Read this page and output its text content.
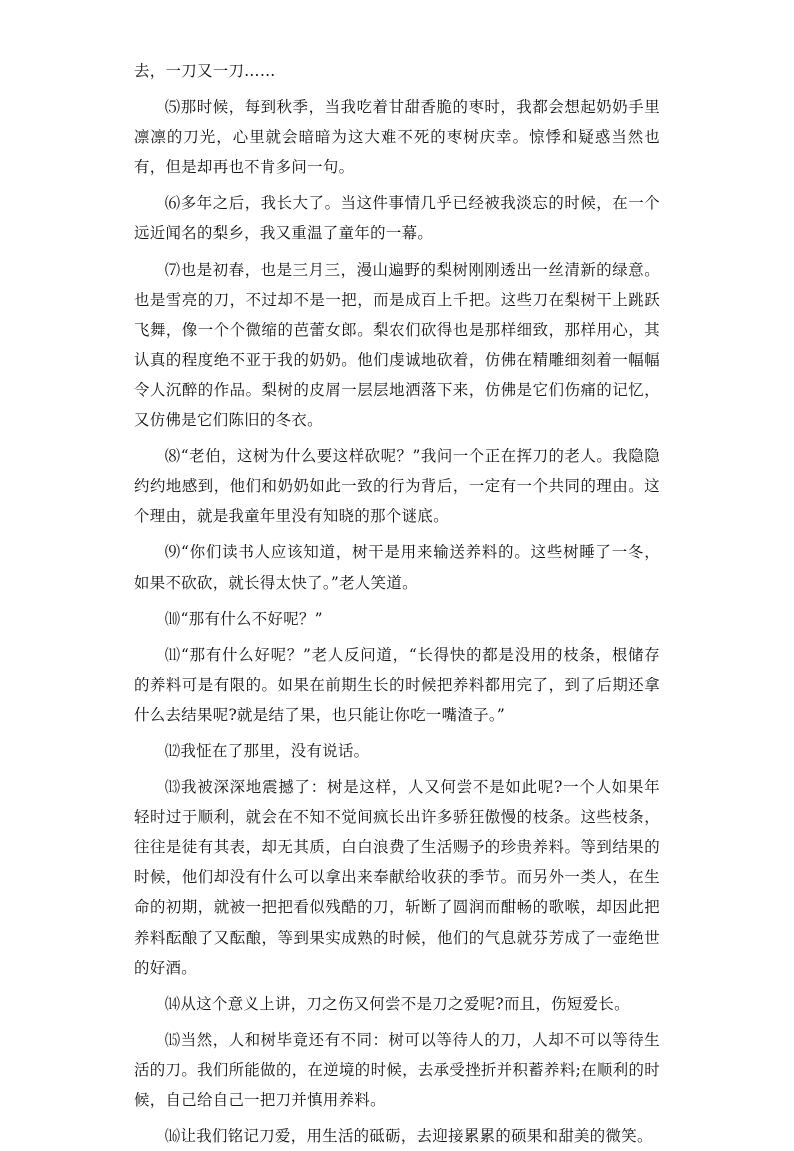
去，一刀又一刀……

⑸那时候，每到秋季，当我吃着甘甜香脆的枣时，我都会想起奶奶手里凛凛的刀光，心里就会暗暗为这大难不死的枣树庆幸。惊悸和疑惑当然也有，但是却再也不肯多问一句。

⑹多年之后，我长大了。当这件事情几乎已经被我淡忘的时候，在一个远近闻名的梨乡，我又重温了童年的一幕。

⑺也是初春，也是三月三，漫山遍野的梨树刚刚透出一丝清新的绿意。也是雪亮的刀，不过却不是一把，而是成百上千把。这些刀在梨树干上跳跃飞舞，像一个个微缩的芭蕾女郎。梨农们砍得也是那样细致，那样用心，其认真的程度绝不亚于我的奶奶。他们虔诚地砍着，仿佛在精雕细刻着一幅幅令人沉醉的作品。梨树的皮屑一层层地洒落下来，仿佛是它们伤痛的记忆，又仿佛是它们陈旧的冬衣。

⑻“老伯，这树为什么要这样砍呢？”我问一个正在挥刀的老人。我隐隐约约地感到，他们和奶奶如此一致的行为背后，一定有一个共同的理由。这个理由，就是我童年里没有知晓的那个谜底。

⑼“你们读书人应该知道，树干是用来输送养料的。这些树睡了一冬，如果不砍砍，就长得太快了。”老人笑道。

⑽“那有什么不好呢？”

⑾“那有什么好呢？”老人反问道，“长得快的都是没用的枝条，根储存的养料可是有限的。如果在前期生长的时候把养料都用完了，到了后期还拿什么去结果呢?就是结了果，也只能让你吃一嘴渣子。”

⑿我怔在了那里，没有说话。

⒀我被深深地震撼了：树是这样，人又何尝不是如此呢?一个人如果年轻时过于顺利，就会在不知不觉间疯长出许多骄狂傲慢的枝条。这些枝条，往往是徒有其表，却无其质，白白浪费了生活赐予的珍贵养料。等到结果的时候，他们却没有什么可以拿出来奉献给收获的季节。而另外一类人，在生命的初期，就被一把把看似残酷的刀，斩断了圆润而酣畅的歌喉，却因此把养料酝酿了又酝酿，等到果实成熟的时候，他们的气息就芬芳成了一壶绝世的好酒。

⒁从这个意义上讲，刀之伤又何尝不是刀之爱呢?而且，伤短爱长。

⒂当然，人和树毕竟还有不同：树可以等待人的刀，人却不可以等待生活的刀。我们所能做的，在逆境的时候，去承受挫折并积蓄养料;在顺利的时候，自己给自己一把刀并慎用养料。

⒃让我们铭记刀爱，用生活的砥砺，去迎接累累的硕果和甜美的微笑。
